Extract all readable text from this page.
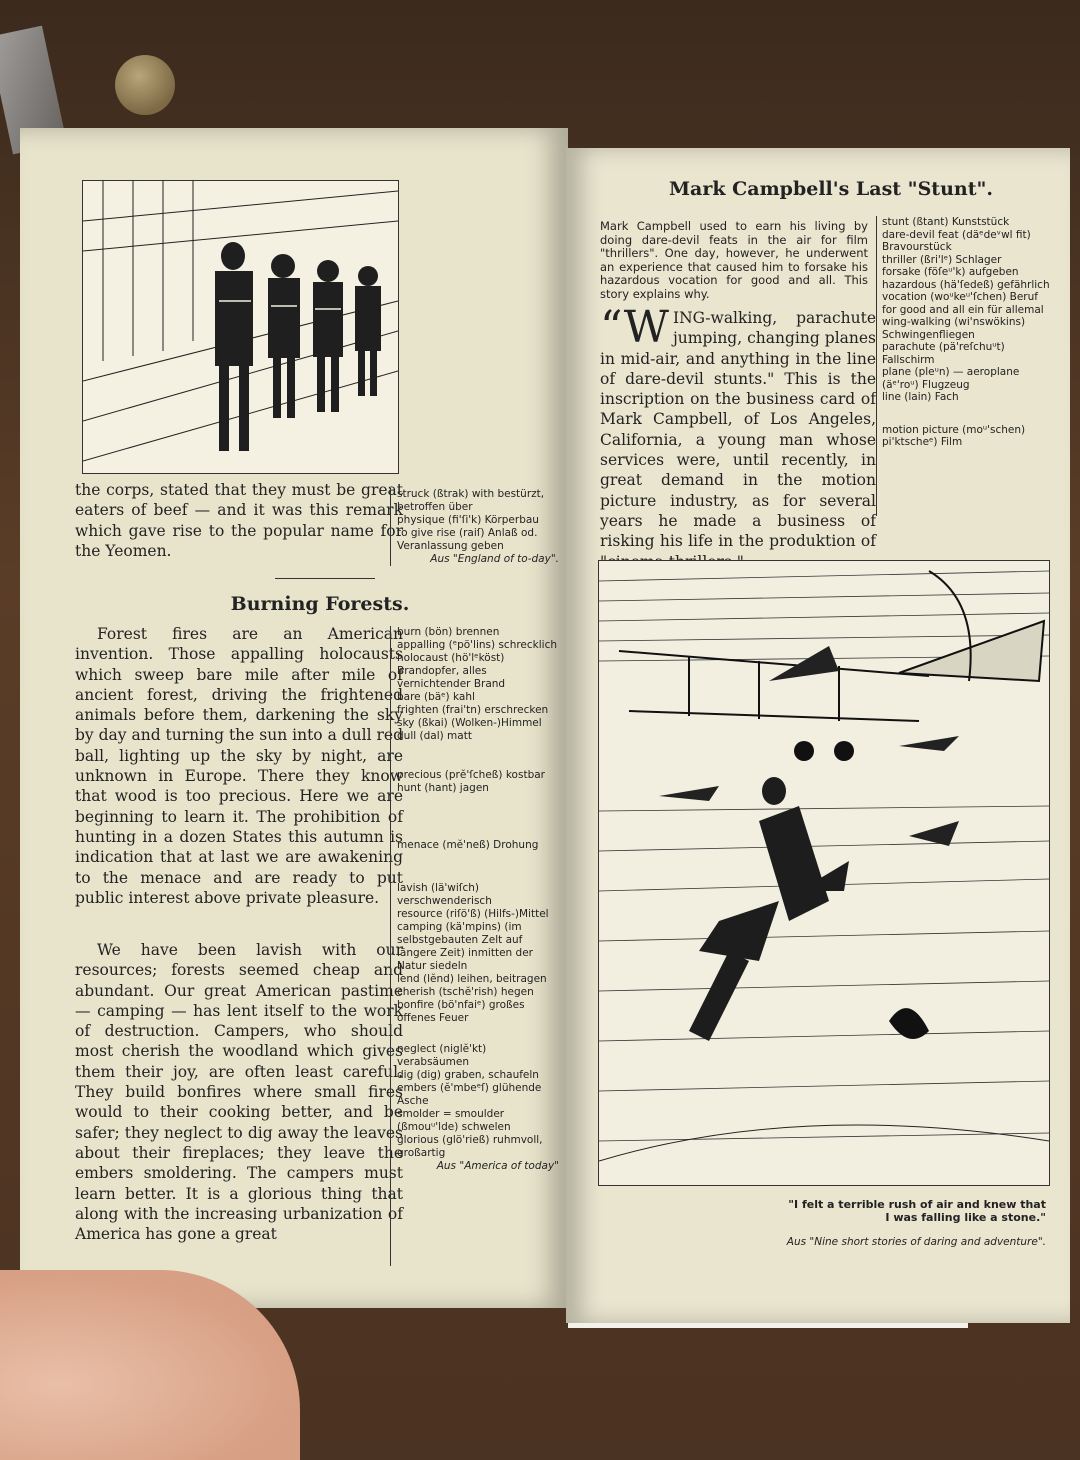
the corps, stated that they must be great eaters of beef — and it was this remark which gave rise to the popular name for the Yeomen.
struck (ßtrak) with bestürzt, betroffen über
physique (fi'ſi'k) Körperbau
to give rise (raiſ) Anlaß od. Veranlassung geben
Aus "England of to-day".
Burning Forests.
Forest fires are an American invention. Those appalling holocausts which sweep bare mile after mile of ancient forest, driving the frightened animals before them, darkening the sky by day and turning the sun into a dull red ball, lighting up the sky by night, are unknown in Europe. There they know that wood is too precious. Here we are beginning to learn it. The prohibition of hunting in a dozen States this autumn is indication that at last we are awakening to the menace and are ready to put public interest above private pleasure.
We have been lavish with our resources; forests seemed cheap and abundant. Our great American pastime — camping — has lent itself to the work of destruction. Campers, who should most cherish the woodland which gives them their joy, are often least careful. They build bonfires where small fires would to their cooking better, and be safer; they neglect to dig away the leaves about their fireplaces; they leave the embers smoldering. The campers must learn better. It is a glorious thing that along with the increasing urbanization of America has gone a great
burn (bön) brennen
appalling (ᵉpö'lins) schrecklich
holocaust (hö'lᵉköst) Brandopfer, alles vernichtender Brand
bare (bäᵉ) kahl
frighten (frai'tn) erschrecken
sky (ßkai) (Wolken-)Himmel
dull (dal) matt
precious (prĕ'ſcheß) kostbar
hunt (hant) jagen
menace (mĕ'neß) Drohung
lavish (lä'wiſch) verschwenderisch
resource (riſö'ß) (Hilfs-)Mittel
camping (kä'mpins) (im selbstgebauten Zelt auf längere Zeit) inmitten der Natur siedeln
lend (lĕnd) leihen, beitragen
cherish (tschĕ'rish) hegen
bonfire (bö'nfaiᵉ) großes offenes Feuer
neglect (niglĕ'kt) verabsäumen
dig (dig) graben, schaufeln
embers (ĕ'mbeᵉſ) glühende Asche
smolder = smoulder (ßmouᵘ'lde) schwelen
glorious (glö'rieß) ruhmvoll, großartig
Aus "America of today"
Mark Campbell's Last "Stunt".
Mark Campbell used to earn his living by doing dare-devil feats in the air for film "thrillers". One day, however, he underwent an experience that caused him to forsake his hazardous vocation for good and all. This story explains why.
“WING-walking, parachute jumping, changing planes in mid-air, and anything in the line of dare-devil stunts." This is the inscription on the business card of Mark Campbell, of Los Angeles, California, a young man whose services were, until recently, in great demand in the motion picture industry, as for several years he made a business of risking his life in the produktion of
stunt (ßtant) Kunststück
dare-devil feat (däᵉdeᵛwl fit) Bravourstück
thriller (ßri'lᵉ) Schlager
forsake (föſeᵘ'k) aufgeben
hazardous (hä'ſedeß) gefährlich
vocation (woᵘkeᵘ'ſchen) Beruf
for good and all ein für allemal
wing-walking (wi'nswökins) Schwingenfliegen
parachute (pä'reſchuᵘt) Fallschirm
plane (pleᵘn) — aeroplane (äᵉ'roᵘ) Flugzeug
line (lain) Fach
motion picture (moᵘ'schen) pi'ktscheᵉ) Film
"I felt a terrible rush of air and knew that
I was falling like a stone."
Aus "Nine short stories of daring and adventure".
